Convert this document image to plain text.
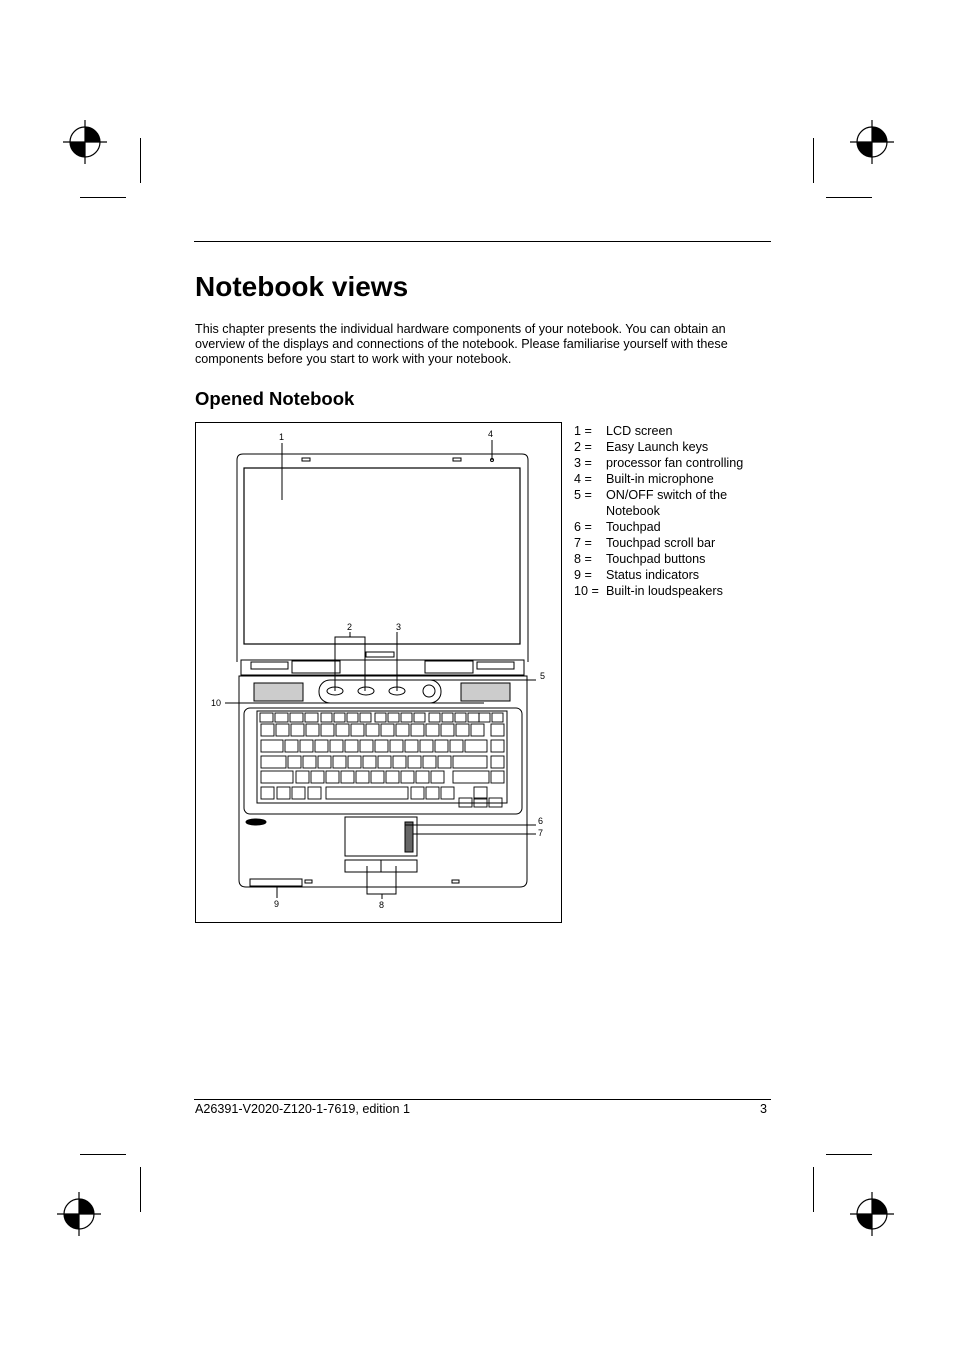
Notebook views

This chapter presents the individual hardware components of your notebook. You can obtain an overview of the displays and connections of the notebook. Please familiarise yourself with these components before you start to work with your notebook.

Opened Notebook
1
2	3
4
5
6
7
8
9
10
1 =	LCD screen
2 =	Easy Launch keys
3 =	processor fan controlling
4 =	Built-in microphone
5 =	ON/OFF switch of the Notebook
6 =	Touchpad
7 =	Touchpad scroll bar
8 =	Touchpad buttons
9 =	Status indicators
10 = Built-in loudspeakers
A26391-V2020-Z120-1-7619, edition 1	3
